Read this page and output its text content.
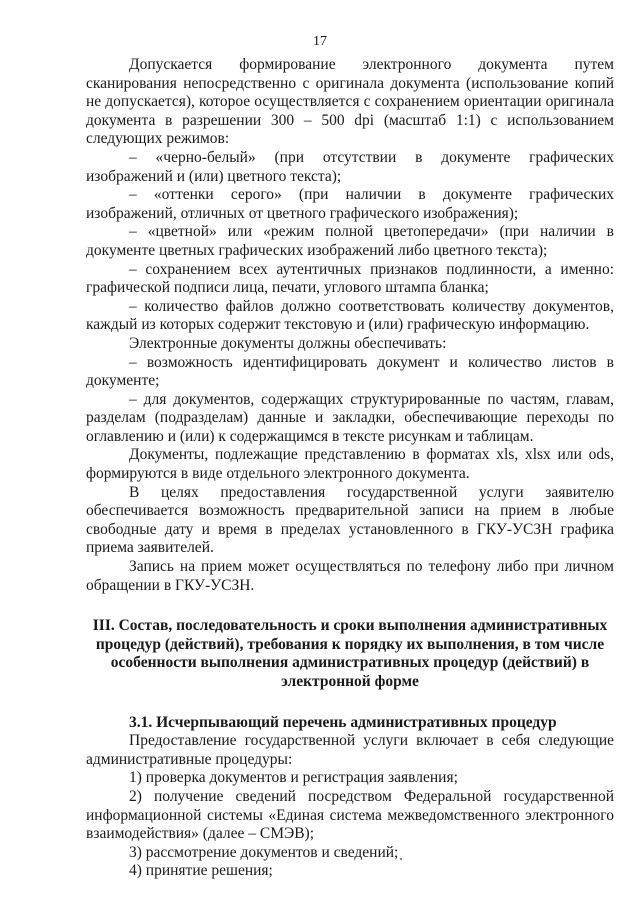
17

Допускается формирование электронного документа путем сканирования непосредственно с оригинала документа (использование копий не допускается), которое осуществляется с сохранением ориентации оригинала документа в разрешении 300 – 500 dpi (масштаб 1:1) с использованием следующих режимов:

– «черно-белый» (при отсутствии в документе графических изображений и (или) цветного текста);

– «оттенки серого» (при наличии в документе графических изображений, отличных от цветного графического изображения);

– «цветной» или «режим полной цветопередачи» (при наличии в документе цветных графических изображений либо цветного текста);

– сохранением всех аутентичных признаков подлинности, а именно: графической подписи лица, печати, углового штампа бланка;

– количество файлов должно соответствовать количеству документов, каждый из которых содержит текстовую и (или) графическую информацию.

Электронные документы должны обеспечивать:

– возможность идентифицировать документ и количество листов в документе;

– для документов, содержащих структурированные по частям, главам, разделам (подразделам) данные и закладки, обеспечивающие переходы по оглавлению и (или) к содержащимся в тексте рисункам и таблицам.

Документы, подлежащие представлению в форматах xls, xlsx или ods, формируются в виде отдельного электронного документа.

В целях предоставления государственной услуги заявителю обеспечивается возможность предварительной записи на прием в любые свободные дату и время в пределах установленного в ГКУ-УСЗН графика приема заявителей.

Запись на прием может осуществляться по телефону либо при личном обращении в ГКУ-УСЗН.

III. Состав, последовательность и сроки выполнения административных процедур (действий), требования к порядку их выполнения, в том числе особенности выполнения административных процедур (действий) в электронной форме

3.1. Исчерпывающий перечень административных процедур

Предоставление государственной услуги включает в себя следующие административные процедуры:

1) проверка документов и регистрация заявления;

2) получение сведений посредством Федеральной государственной информационной системы «Единая система межведомственного электронного взаимодействия» (далее – СМЭВ);

3) рассмотрение документов и сведений;

4) принятие решения;
